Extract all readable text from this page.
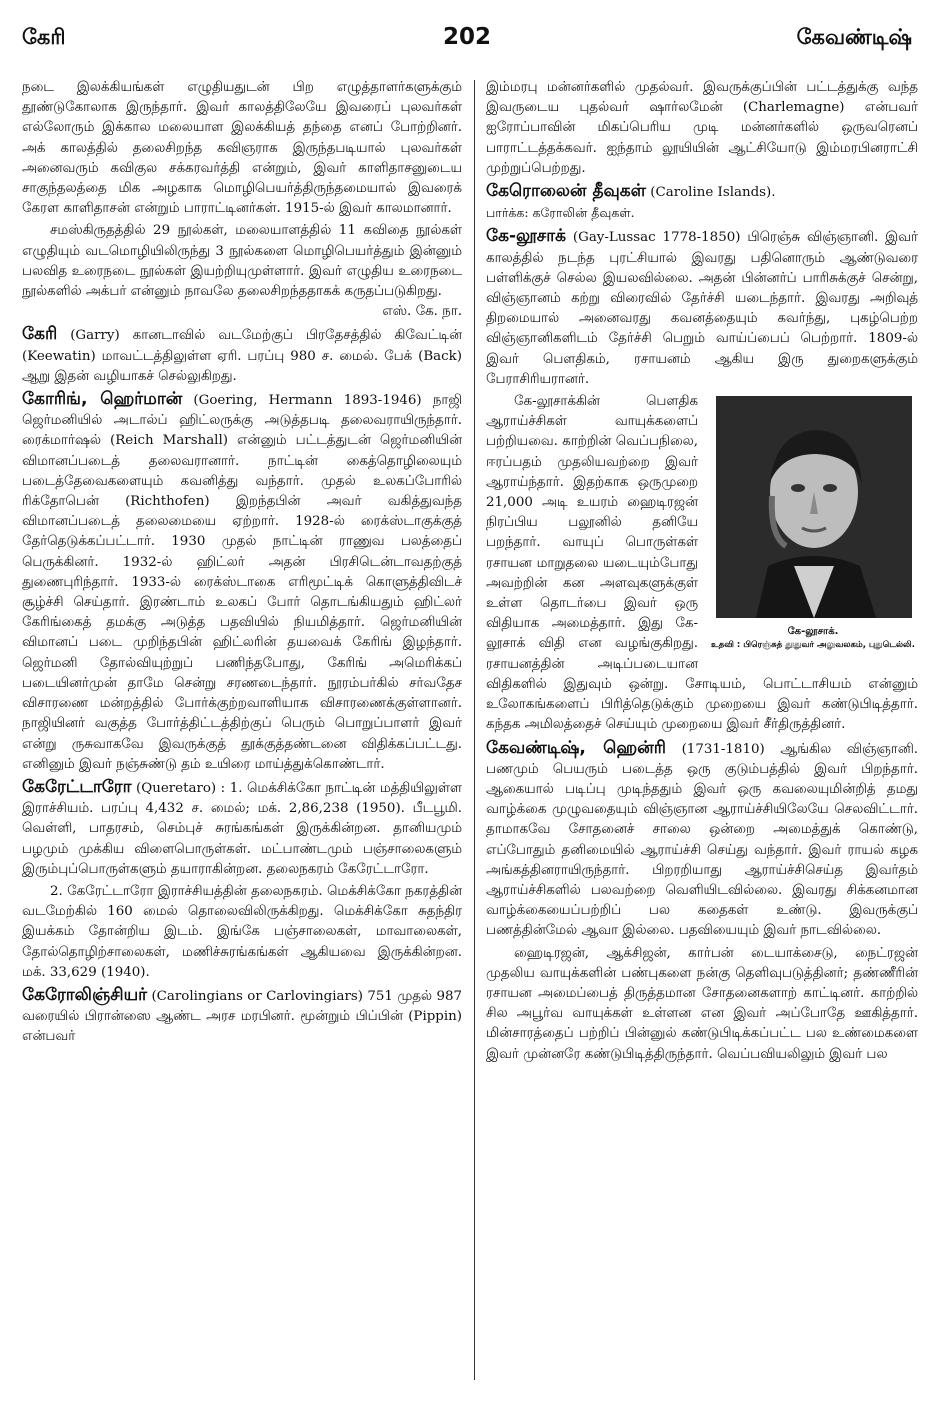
கேரி	202	கேவண்டிஷ்

நடை இலக்கியங்கள் எழுதியதுடன் பிற எழுத்தாளர்களுக்கும் தூண்டுகோலாக இருந்தார். இவர் காலத்திலேயே இவரைப் புலவர்கள் எல்லோரும் இக்கால மலையாள இலக்கியத் தந்தை எனப் போற்றினர். அக் காலத்தில் தலைசிறந்த கவிஞராக இருந்தபடியால் புலவர்கள் அனைவரும் கவிகுல சக்கரவர்த்தி என்றும், இவர் காளிதாசனுடைய சாகுந்தலத்தை மிக அழகாக மொழிபெயர்த்திருந்தமையால் இவரைக் கேரள காளிதாசன் என்றும் பாராட்டினர்கள். 1915-ல் இவர் காலமானார்.

சமஸ்கிருதத்தில் 29 நூல்கள், மலையாளத்தில் 11 கவிதை நூல்கள் எழுதியும் வடமொழியிலிருந்து 3 நூல்களை மொழிபெயர்த்தும் இன்னும் பலவித உரைநடை நூல்கள் இயற்றியுமுள்ளார். இவர் எழுதிய உரைநடை நூல்களில் அக்பர் என்னும் நாவலே தலைசிறந்ததாகக் கருதப்படுகிறது.
எஸ். கே. நா.

கேரி (Garry) கானடாவில் வடமேற்குப் பிரதேசத்தில் கிவேட்டின் (Keewatin) மாவட்டத்திலுள்ள ஏரி. பரப்பு 980 ச. மைல். பேக் (Back) ஆறு இதன் வழியாகச் செல்லுகிறது.

கோரிங், ஹெர்மான் (Goering, Hermann 1893-1946) நாஜி ஜெர்மனியில் அடால்ப் ஹிட்லருக்கு அடுத்தபடி தலைவராயிருந்தார். ரைக்மார்ஷல் (Reich Marshall) என்னும் பட்டத்துடன் ஜெர்மனியின் விமானப்படைத் தலைவரானார். நாட்டின் கைத்தொழிலையும் படைத்தேவைகளையும் கவனித்து வந்தார். முதல் உலகப்போரில் ரிக்தோபென் (Richthofen) இறந்தபின் அவர் வகித்துவந்த விமானப்படைத் தலைமையை ஏற்றார். 1928-ல் ரைக்ஸ்டாகுக்குத் தேர்தெடுக்கப்பட்டார். 1930 முதல் நாட்டின் ராணுவ பலத்தைப் பெருக்கினர். 1932-ல் ஹிட்லர் அதன் பிரசிடென்டாவதற்குத் துணைபுரிந்தார். 1933-ல் ரைக்ஸ்டாகை எரிமூட்டிக் கொளுத்திவிடச் சூழ்ச்சி செய்தார். இரண்டாம் உலகப் போர் தொடங்கியதும் ஹிட்லர் கேரிங்கைத் தமக்கு அடுத்த பதவியில் நியமித்தார். ஜெர்மனியின் விமானப் படை முறிந்தபின் ஹிட்லரின் தயவைக் கேரிங் இழந்தார். ஜெர்மனி தோல்வியுற்றுப் பணிந்தபோது, கேரிங் அமெரிக்கப் படையினர்முன் தாமே சென்று சரணடைந்தார். நூரம்பர்கில் சர்வதேச விசாரணை மன்றத்தில் போர்க்குற்றவாளியாக விசாரணைக்குள்ளானர். நாஜியினர் வகுத்த போர்த்திட்டத்திற்குப் பெரும் பொறுப்பாளர் இவர் என்று ருசுவாகவே இவருக்குத் தூக்குத்தண்டனை விதிக்கப்பட்டது. எனினும் இவர் நஞ்சுண்டு தம் உயிரை மாய்த்துக்கொண்டார்.

கேரேட்டாரோ (Queretaro) : 1. மெக்சிக்கோ நாட்டின் மத்தியிலுள்ள இராச்சியம். பரப்பு 4,432 ச. மைல்; மக். 2,86,238 (1950). பீடபூமி. வெள்ளி, பாதரசம், செம்புச் சுரங்கங்கள் இருக்கின்றன. தானியமும் பழமும் முக்கிய விளைபொருள்கள். மட்பாண்டமும் பஞ்சாலைகளும் இரும்புப்பொருள்களும் தயாராகின்றன. தலைநகரம் கேரேட்டாரோ.

2. கேரேட்டாரோ இராச்சியத்தின் தலைநகரம். மெக்சிக்கோ நகரத்தின் வடமேற்கில் 160 மைல் தொலைவிலிருக்கிறது. மெக்சிக்கோ சுதந்திர இயக்கம் தோன்றிய இடம். இங்கே பஞ்சாலைகள், மாவாலைகள், தோல்தொழிற்சாலைகள், மணிச்சுரங்கங்கள் ஆகியவை இருக்கின்றன. மக். 33,629 (1940).

கேரோலிஞ்சியர் (Carolingians or Carlovingiars) 751 முதல் 987 வரையில் பிரான்ஸை ஆண்ட அரச மரபினர். மூன்றும் பிப்பின் (Pippin) என்பவர்

இம்மரபு மன்னர்களில் முதல்வர். இவருக்குப்பின் பட்டத்துக்கு வந்த இவருடைய புதல்வர் ஷார்லமேன் (Charlemagne) என்பவர் ஐரோப்பாவின் மிகப்பெரிய முடி மன்னர்களில் ஒருவரெனப் பாராட்டத்தக்கவர். ஐந்தாம் லூயியின் ஆட்சியோடு இம்மரபினராட்சி முற்றுப்பெற்றது.

கேரொலைன் தீவுகள் (Caroline Islands).
பார்க்க: கரோலின் தீவுகள்.

கே-லூசாக் (Gay-Lussac 1778-1850) பிரெஞ்சு விஞ்ஞானி. இவர் காலத்தில் நடந்த புரட்சியால் இவரது பதினொரும் ஆண்டுவரை பள்ளிக்குச் செல்ல இயலவில்லை. அதன் பின்னர்ப் பாரிசுக்குச் சென்று, விஞ்ஞானம் கற்று விரைவில் தேர்ச்சி யடைந்தார். இவரது அறிவுத் திறமையால் அனைவரது கவனத்தையும் கவர்ந்து, புகழ்பெற்ற விஞ்ஞானிகளிடம் தேர்ச்சி பெறும் வாய்ப்பைப் பெற்றார். 1809-ல் இவர் பௌதிகம், ரசாயனம் ஆகிய இரு துறைகளுக்கும் பேராசிரியரானர்.

கே-லூசாக்.
உதவி : பிரெஞ்சுத் தூதுவர் அலுவலகம், புதுடெல்லி.

கே-லூசாக்கின் பௌதிக ஆராய்ச்சிகள் வாயுக்களைப் பற்றியவை. காற்றின் வெப்பநிலை, ஈரப்பதம் முதலியவற்றை இவர் ஆராய்ந்தார். இதற்காக ஒருமுறை 21,000 அடி உயரம் ஹைடிரஜன் நிரப்பிய பலூனில் தனியே பறந்தார். வாயுப் பொருள்கள் ரசாயன மாறுதலை யடையும்போது அவற்றின் கன அளவுகளுக்குள் உள்ள தொடர்பை இவர் ஒரு விதியாக அமைத்தார். இது கே-லூசாக் விதி என வழங்குகிறது. ரசாயனத்தின் அடிப்படையான விதிகளில் இதுவும் ஒன்று. சோடியம், பொட்டாசியம் என்னும் உலோகங்களைப் பிரித்தெடுக்கும் முறையை இவர் கண்டுபிடித்தார். கந்தக அமிலத்தைச் செய்யும் முறையை இவர் சீர்திருத்தினர்.

கேவண்டிஷ், ஹென்ரி (1731-1810) ஆங்கில விஞ்ஞானி. பணமும் பெயரும் படைத்த ஒரு குடும்பத்தில் இவர் பிறந்தார். ஆகையால் படிப்பு முடிந்ததும் இவர் ஒரு கவலையுமின்றித் தமது வாழ்க்கை முழுவதையும் விஞ்ஞான ஆராய்ச்சியிலேயே செலவிட்டார். தாமாகவே சோதனைச் சாலை ஒன்றை அமைத்துக் கொண்டு, எப்போதும் தனிமையில் ஆராய்ச்சி செய்து வந்தார். இவர் ராயல் கழக அங்கத்தினராயிருந்தார். பிறரறியாது ஆராய்ச்சிசெய்த இவர்தம் ஆராய்ச்சிகளில் பலவற்றை வெளியிடவில்லை. இவரது சிக்கனமான வாழ்க்கையைப்பற்றிப் பல கதைகள் உண்டு. இவருக்குப் பணத்தின்மேல் ஆவா இல்லை. பதவியையும் இவர் நாடவில்லை.

ஹைடிரஜன், ஆக்சிஜன், கார்பன் டையாக்சைடு, நைட்ரஜன் முதலிய வாயுக்களின் பண்புகளை நன்கு தெளிவுபடுத்தினர்; தண்ணீரின் ரசாயன அமைப்பைத் திருத்தமான சோதனைகளாற் காட்டினர். காற்றில் சில அபூர்வ வாயுக்கள் உள்ளன என இவர் அப்போதே ஊகித்தார். மின்சாரத்தைப் பற்றிப் பின்னுல் கண்டுபிடிக்கப்பட்ட பல உண்மைகளை இவர் முன்னரே கண்டுபிடித்திருந்தார். வெப்பவியலிலும் இவர் பல
